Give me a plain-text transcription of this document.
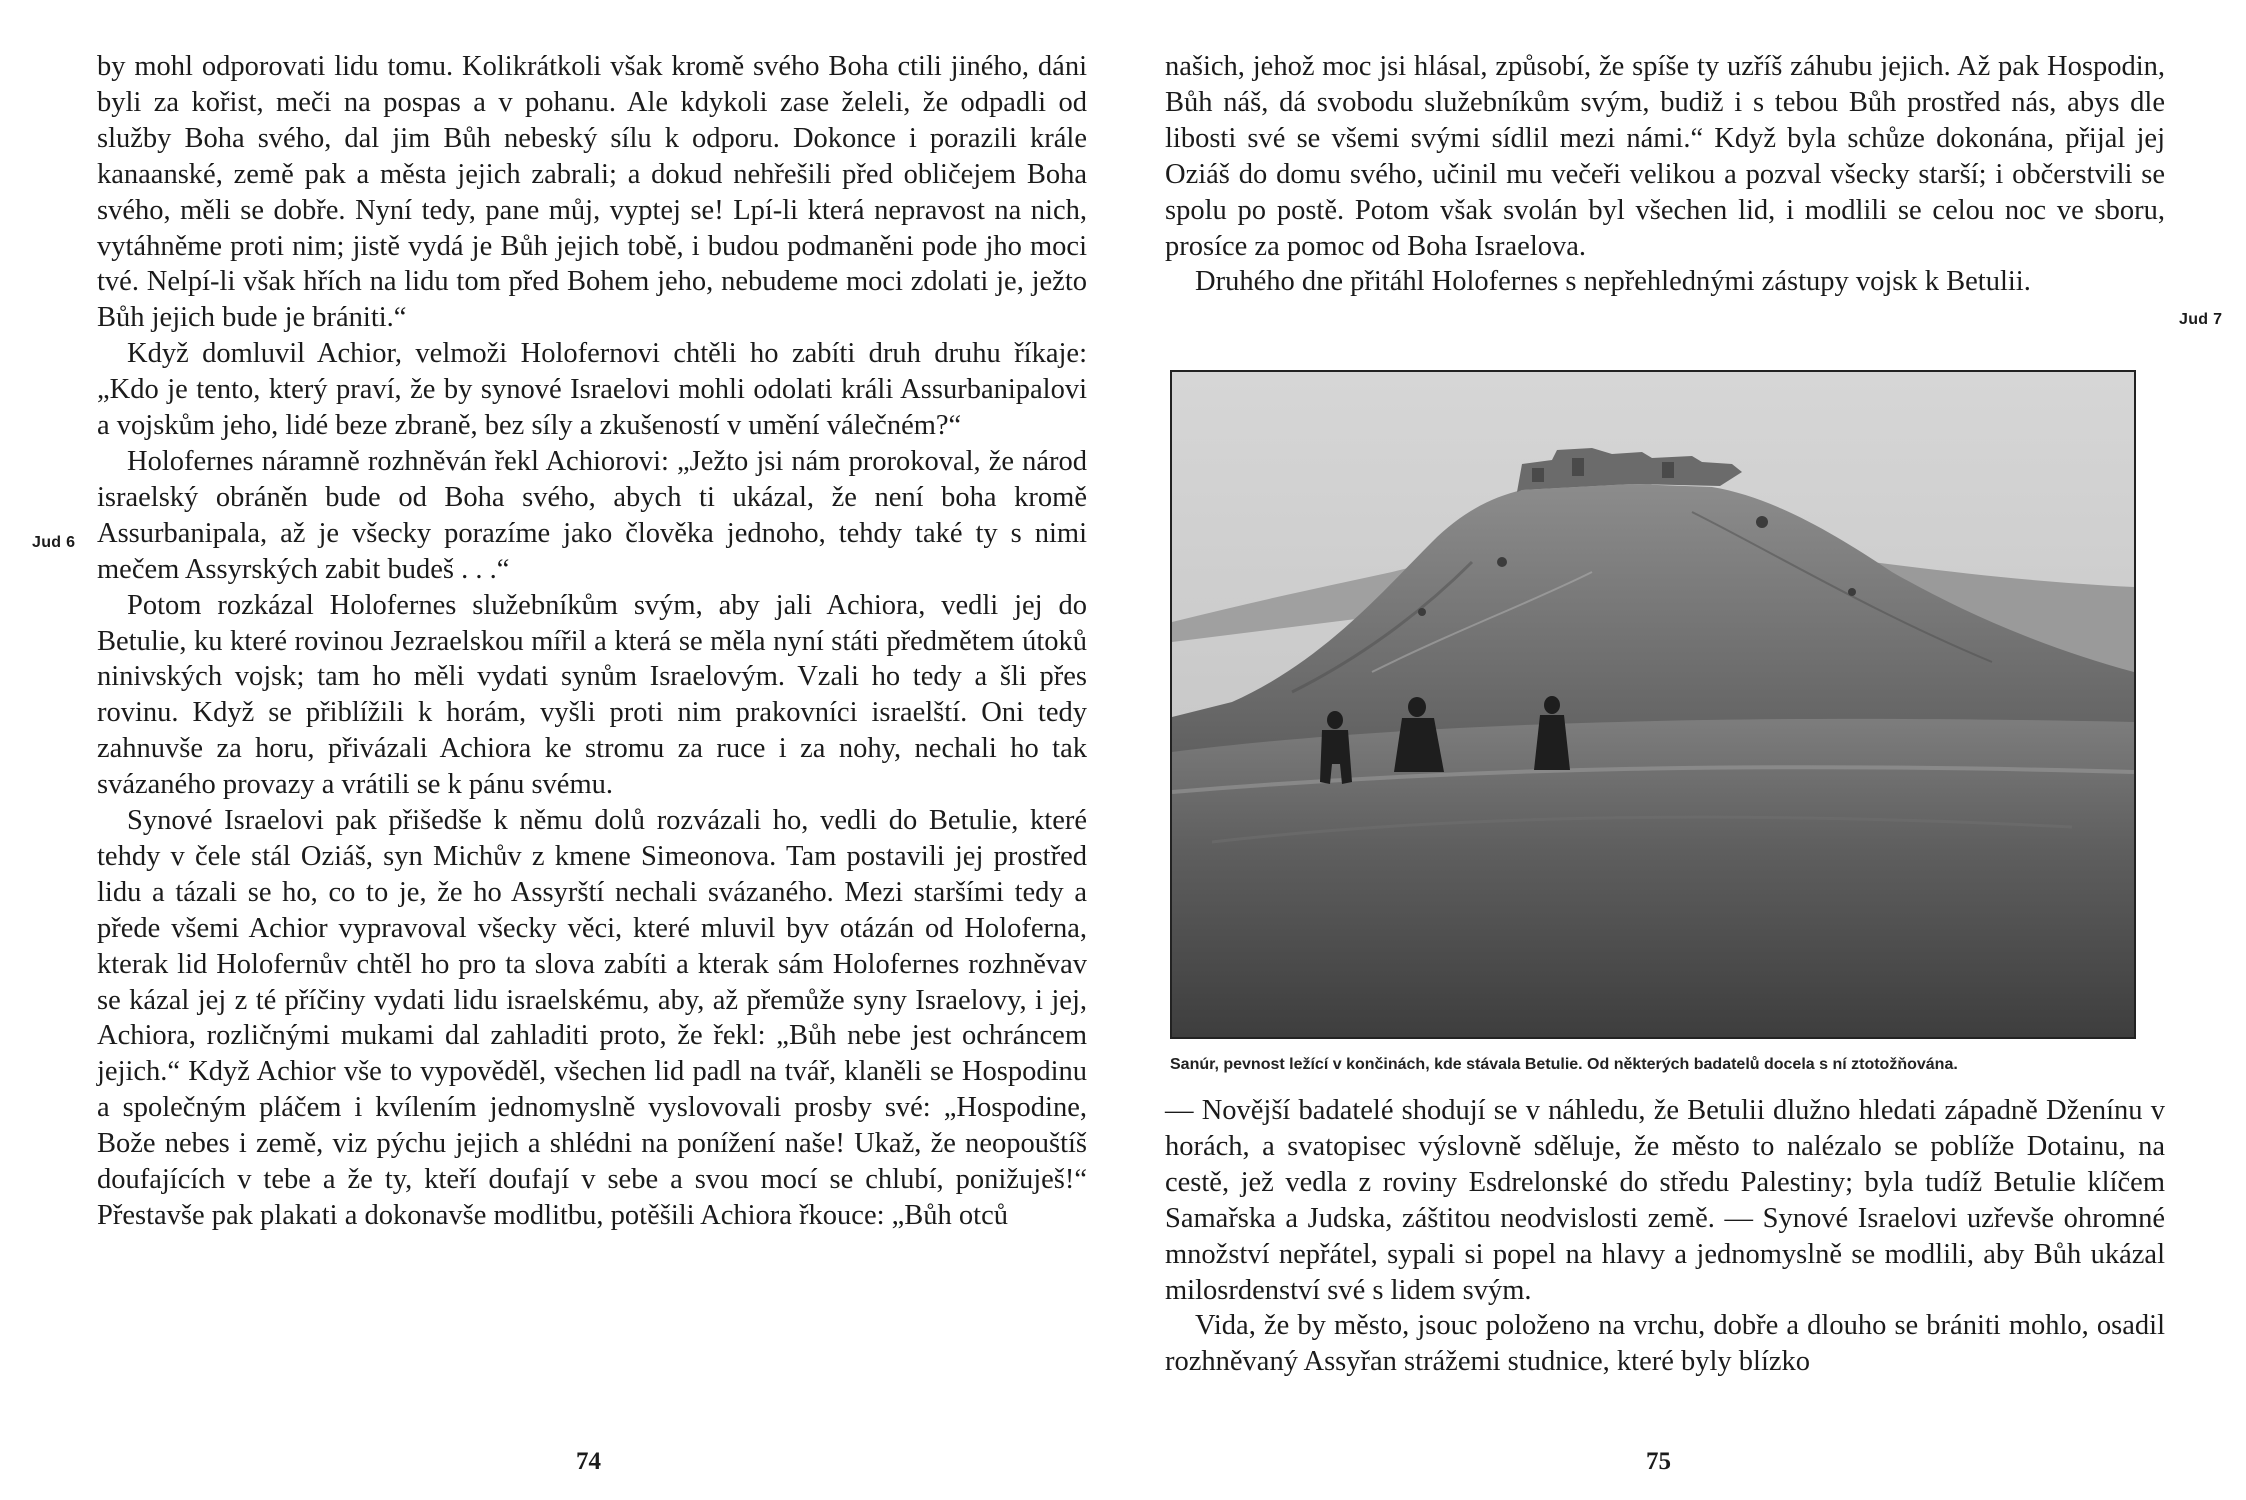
by mohl odporovati lidu tomu. Kolikrátkoli však kromě svého Boha ctili jiného, dáni byli za kořist, meči na pospas a v pohanu. Ale kdykoli zase želeli, že odpadli od služby Boha svého, dal jim Bůh nebeský sílu k odporu. Dokonce i porazili krále kanaanské, země pak a města jejich zabrali; a dokud nehřešili před obličejem Boha svého, měli se dobře. Nyní tedy, pane můj, vyptej se! Lpí-li která nepravost na nich, vytáhněme proti nim; jistě vydá je Bůh jejich tobě, i budou podmaněni pode jho moci tvé. Nelpí-li však hřích na lidu tom před Bohem jeho, nebudeme moci zdolati je, ježto Bůh jejich bude je brániti.“

Když domluvil Achior, velmoži Holofernovi chtěli ho zabíti druh druhu říkaje: „Kdo je tento, který praví, že by synové Israelovi mohli odolati králi Assurbanipalovi a vojskům jeho, lidé beze zbraně, bez síly a zkušeností v umění válečném?“

Holofernes náramně rozhněván řekl Achiorovi: „Ježto jsi nám prorokoval, že národ israelský obráněn bude od Boha svého, abych ti ukázal, že není boha kromě Assurbanipala, až je všecky porazíme jako člověka jednoho, tehdy také ty s nimi mečem Assyrských zabit budeš . . .“

Potom rozkázal Holofernes služebníkům svým, aby jali Achiora, vedli jej do Betulie, ku které rovinou Jezraelskou mířil a která se měla nyní státi předmětem útoků ninivských vojsk; tam ho měli vydati synům Israelovým. Vzali ho tedy a šli přes rovinu. Když se přiblížili k horám, vyšli proti nim prakovníci israelští. Oni tedy zahnuvše za horu, přivázali Achiora ke stromu za ruce i za nohy, nechali ho tak svázaného provazy a vrátili se k pánu svému.

Synové Israelovi pak přišedše k němu dolů rozvázali ho, vedli do Betulie, které tehdy v čele stál Oziáš, syn Michův z kmene Simeonova. Tam postavili jej prostřed lidu a tázali se ho, co to je, že ho Assyrští nechali svázaného. Mezi staršími tedy a přede všemi Achior vypravoval všecky věci, které mluvil byv otázán od Holoferna, kterak lid Holofernův chtěl ho pro ta slova zabíti a kterak sám Holofernes rozhněvav se kázal jej z té příčiny vydati lidu israelskému, aby, až přemůže syny Israelovy, i jej, Achiora, rozličnými mukami dal zahladiti proto, že řekl: „Bůh nebe jest ochráncem jejich.“ Když Achior vše to vypověděl, všechen lid padl na tvář, klaněli se Hospodinu a společným pláčem i kvílením jednomyslně vyslovovali prosby své: „Hospodine, Bože nebes i země, viz pýchu jejich a shlédni na ponížení naše! Ukaž, že neopouštíš doufajících v tebe a že ty, kteří doufají v sebe a svou mocí se chlubí, ponižuješ!“ Přestavše pak plakati a dokonavše modlitbu, potěšili Achiora řkouce: „Bůh otců

Jud 6
74

našich, jehož moc jsi hlásal, způsobí, že spíše ty uzříš záhubu jejich. Až pak Hospodin, Bůh náš, dá svobodu služebníkům svým, budiž i s tebou Bůh prostřed nás, abys dle libosti své se všemi svými sídlil mezi námi.“ Když byla schůze dokonána, přijal jej Oziáš do domu svého, učinil mu večeři velikou a pozval všecky starší; i občerstvili se spolu po postě. Potom však svolán byl všechen lid, i modlili se celou noc ve sboru, prosíce za pomoc od Boha Israelova.

Druhého dne přitáhl Holofernes s nepřehlednými zástupy vojsk k Betulii.

Jud 7
Sanúr, pevnost ležící v končinách, kde stávala Betulie. Od některých badatelů docela s ní ztotožňována.

— Novější badatelé shodují se v náhledu, že Betulii dlužno hledati západně Dženínu v horách, a svatopisec výslovně sděluje, že město to nalézalo se poblíže Dotainu, na cestě, jež vedla z roviny Esdrelonské do středu Palestiny; byla tudíž Betulie klíčem Samařska a Judska, záštitou neodvislosti země. — Synové Israelovi uzřevše ohromné množství nepřátel, sypali si popel na hlavy a jednomyslně se modlili, aby Bůh ukázal milosrdenství své s lidem svým.

Vida, že by město, jsouc položeno na vrchu, dobře a dlouho se brániti mohlo, osadil rozhněvaný Assyřan strážemi studnice, které byly blízko

75
